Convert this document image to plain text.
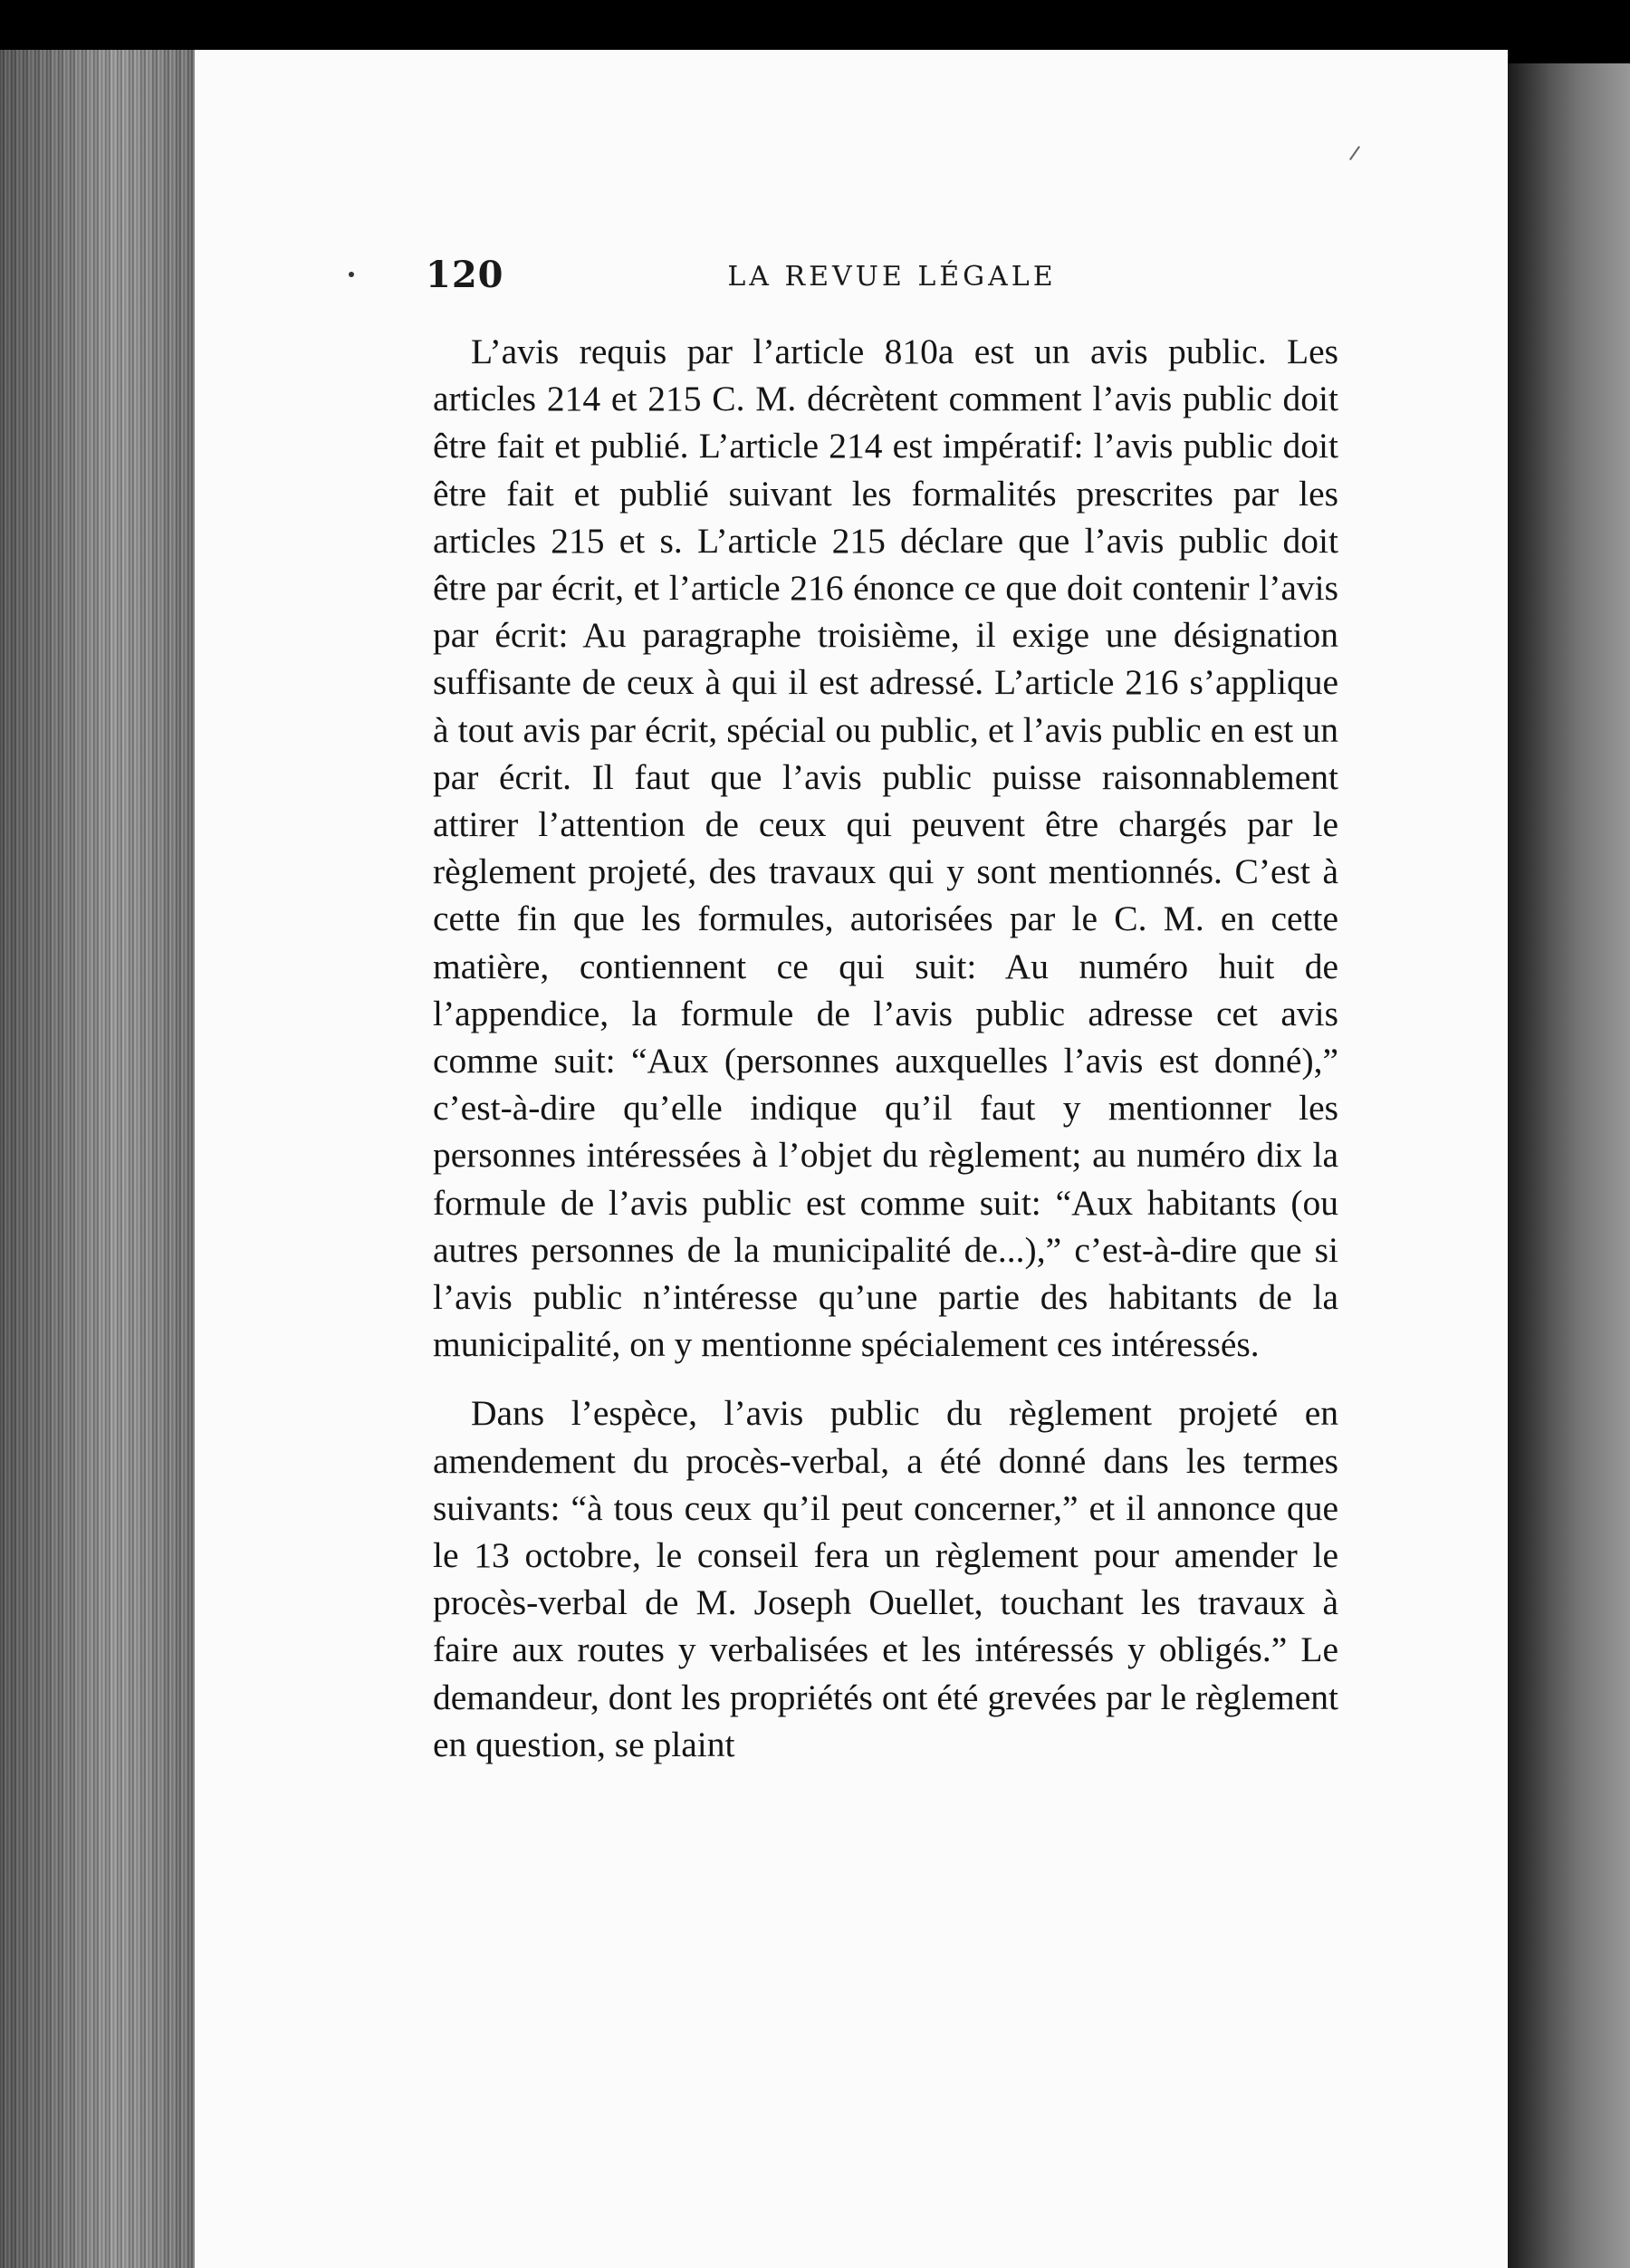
120	LA REVUE LÉGALE

L’avis requis par l’article 810a est un avis public. Les articles 214 et 215 C. M. décrètent comment l’avis public doit être fait et publié. L’article 214 est impératif: l’avis public doit être fait et publié suivant les formalités prescrites par les articles 215 et s. L’article 215 déclare que l’avis public doit être par écrit, et l’article 216 énonce ce que doit contenir l’avis par écrit: Au paragraphe troisième, il exige une désignation suffisante de ceux à qui il est adressé. L’article 216 s’applique à tout avis par écrit, spécial ou public, et l’avis public en est un par écrit. Il faut que l’avis public puisse raisonnablement attirer l’attention de ceux qui peuvent être chargés par le règlement projeté, des travaux qui y sont mentionnés. C’est à cette fin que les formules, autorisées par le C. M. en cette matière, contiennent ce qui suit: Au numéro huit de l’appendice, la formule de l’avis public adresse cet avis comme suit: “Aux (personnes auxquelles l’avis est donné),” c’est-à-dire qu’elle indique qu’il faut y mentionner les personnes intéressées à l’objet du règlement; au numéro dix la formule de l’avis public est comme suit: “Aux habitants (ou autres personnes de la municipalité de...),” c’est-à-dire que si l’avis public n’intéresse qu’une partie des habitants de la municipalité, on y mentionne spécialement ces intéressés.

Dans l’espèce, l’avis public du règlement projeté en amendement du procès-verbal, a été donné dans les termes suivants: “à tous ceux qu’il peut concerner,” et il annonce que le 13 octobre, le conseil fera un règlement pour amender le procès-verbal de M. Joseph Ouellet, touchant les travaux à faire aux routes y verbalisées et les intéressés y obligés.” Le demandeur, dont les propriétés ont été grevées par le règlement en question, se plaint
